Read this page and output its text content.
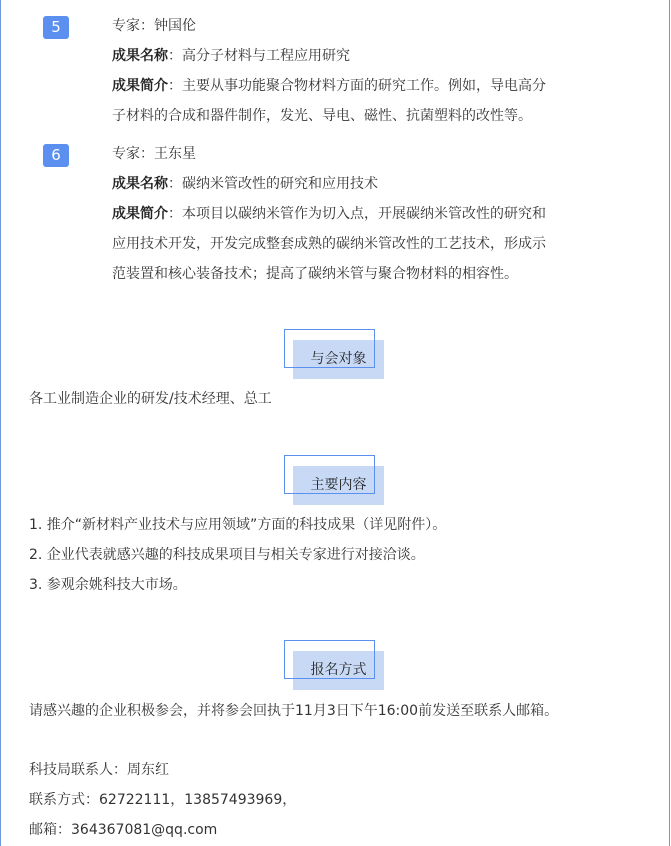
5	专家：钟国伦
成果名称：高分子材料与工程应用研究
成果简介：主要从事功能聚合物材料方面的研究工作。例如，导电高分
子材料的合成和器件制作，发光、导电、磁性、抗菌塑料的改性等。
6	专家：王东星
成果名称：碳纳米管改性的研究和应用技术
成果简介：本项目以碳纳米管作为切入点，开展碳纳米管改性的研究和
应用技术开发，开发完成整套成熟的碳纳米管改性的工艺技术，形成示
范装置和核心装备技术；提高了碳纳米管与聚合物材料的相容性。
与会对象
各工业制造企业的研发/技术经理、总工
主要内容
1. 推介“新材料产业技术与应用领域”方面的科技成果（详见附件）。
2. 企业代表就感兴趣的科技成果项目与相关专家进行对接洽谈。
3. 参观余姚科技大市场。
报名方式
请感兴趣的企业积极参会，并将参会回执于11月3日下午16:00前发送至联系人邮箱。
科技局联系人：周东红
联系方式：62722111，13857493969，
邮箱：364367081@qq.com
